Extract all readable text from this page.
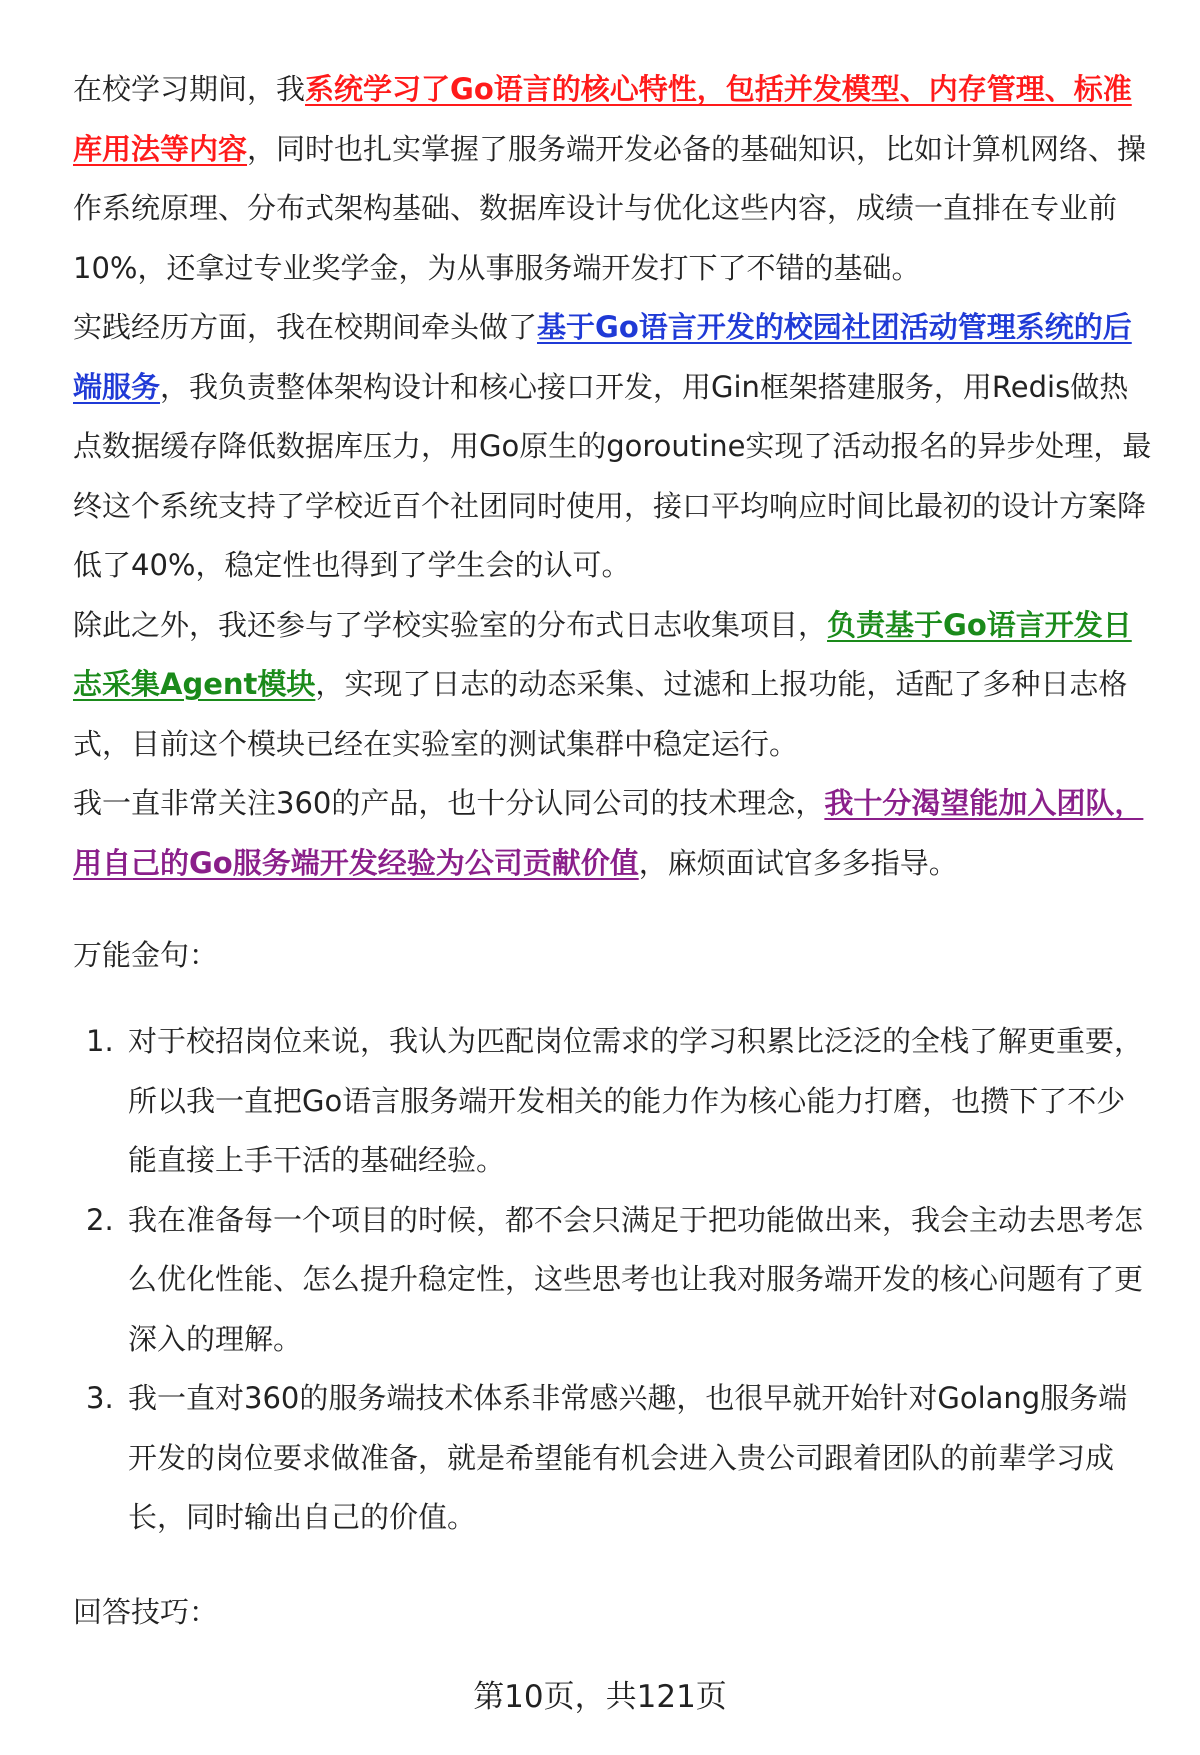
在校学习期间，我系统学习了Go语言的核心特性，包括并发模型、内存管理、标准库用法等内容，同时也扎实掌握了服务端开发必备的基础知识，比如计算机网络、操作系统原理、分布式架构基础、数据库设计与优化这些内容，成绩一直排在专业前10%，还拿过专业奖学金，为从事服务端开发打下了不错的基础。

实践经历方面，我在校期间牵头做了基于Go语言开发的校园社团活动管理系统的后端服务，我负责整体架构设计和核心接口开发，用Gin框架搭建服务，用Redis做热点数据缓存降低数据库压力，用Go原生的goroutine实现了活动报名的异步处理，最终这个系统支持了学校近百个社团同时使用，接口平均响应时间比最初的设计方案降低了40%，稳定性也得到了学生会的认可。

除此之外，我还参与了学校实验室的分布式日志收集项目，负责基于Go语言开发日志采集Agent模块，实现了日志的动态采集、过滤和上报功能，适配了多种日志格式，目前这个模块已经在实验室的测试集群中稳定运行。

我一直非常关注360的产品，也十分认同公司的技术理念，我十分渴望能加入团队，用自己的Go服务端开发经验为公司贡献价值，麻烦面试官多多指导。

万能金句：

1. 对于校招岗位来说，我认为匹配岗位需求的学习积累比泛泛的全栈了解更重要，所以我一直把Go语言服务端开发相关的能力作为核心能力打磨，也攒下了不少能直接上手干活的基础经验。
2. 我在准备每一个项目的时候，都不会只满足于把功能做出来，我会主动去思考怎么优化性能、怎么提升稳定性，这些思考也让我对服务端开发的核心问题有了更深入的理解。
3. 我一直对360的服务端技术体系非常感兴趣，也很早就开始针对Golang服务端开发的岗位要求做准备，就是希望能有机会进入贵公司跟着团队的前辈学习成长，同时输出自己的价值。

回答技巧：

第10页，共121页
